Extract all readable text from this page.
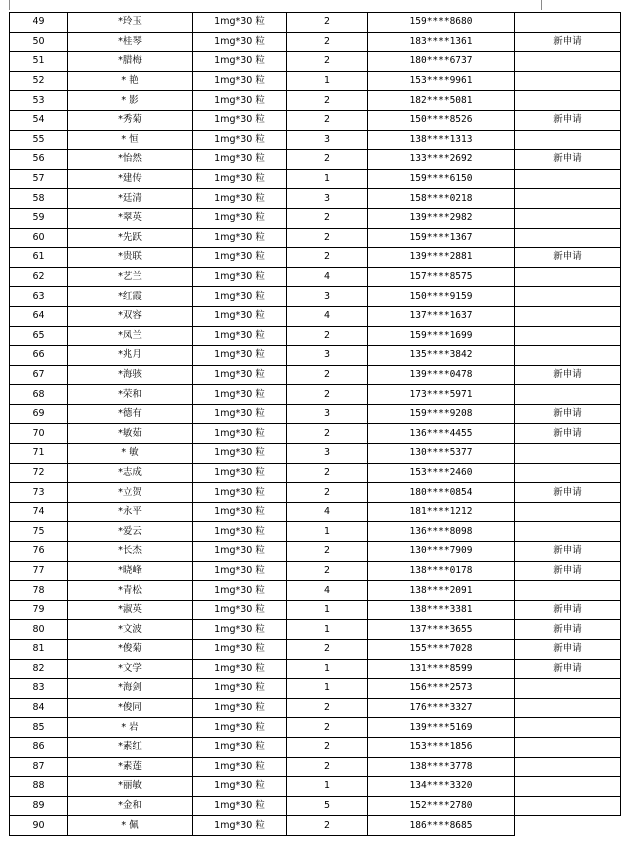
49	*玲玉	1mg*30 粒	2	159****8680	
50	*桂琴	1mg*30 粒	2	183****1361	新申请
51	*腊梅	1mg*30 粒	2	180****6737	
52	* 艳	1mg*30 粒	1	153****9961	
53	* 影	1mg*30 粒	2	182****5081	
54	*秀菊	1mg*30 粒	2	150****8526	新申请
55	* 恒	1mg*30 粒	3	138****1313	
56	*怡然	1mg*30 粒	2	133****2692	新申请
57	*建传	1mg*30 粒	1	159****6150	
58	*廷清	1mg*30 粒	3	158****0218	
59	*翠英	1mg*30 粒	2	139****2982	
60	*先跃	1mg*30 粒	2	159****1367	
61	*贵联	1mg*30 粒	2	139****2881	新申请
62	*艺兰	1mg*30 粒	4	157****8575	
63	*红霞	1mg*30 粒	3	150****9159	
64	*双容	1mg*30 粒	4	137****1637	
65	*凤兰	1mg*30 粒	2	159****1699	
66	*兆月	1mg*30 粒	3	135****3842	
67	*海骇	1mg*30 粒	2	139****0478	新申请
68	*荣和	1mg*30 粒	2	173****5971	
69	*德有	1mg*30 粒	3	159****9208	新申请
70	*敏茹	1mg*30 粒	2	136****4455	新申请
71	* 敏	1mg*30 粒	3	130****5377	
72	*志成	1mg*30 粒	2	153****2460	
73	*立贺	1mg*30 粒	2	180****0854	新申请
74	*永平	1mg*30 粒	4	181****1212	
75	*爱云	1mg*30 粒	1	136****8098	
76	*长杰	1mg*30 粒	2	130****7909	新申请
77	*晓峰	1mg*30 粒	2	138****0178	新申请
78	*青松	1mg*30 粒	4	138****2091	
79	*淑英	1mg*30 粒	1	138****3381	新申请
80	*文波	1mg*30 粒	1	137****3655	新申请
81	*俊菊	1mg*30 粒	2	155****7028	新申请
82	*文学	1mg*30 粒	1	131****8599	新申请
83	*海剑	1mg*30 粒	1	156****2573	
84	*俊同	1mg*30 粒	2	176****3327	
85	* 岩	1mg*30 粒	2	139****5169	
86	*素红	1mg*30 粒	2	153****1856	
87	*素莲	1mg*30 粒	2	138****3778	
88	*丽敏	1mg*30 粒	1	134****3320	
89	*金和	1mg*30 粒	5	152****2780	
90	* 佩	1mg*30 粒	2	186****8685	
